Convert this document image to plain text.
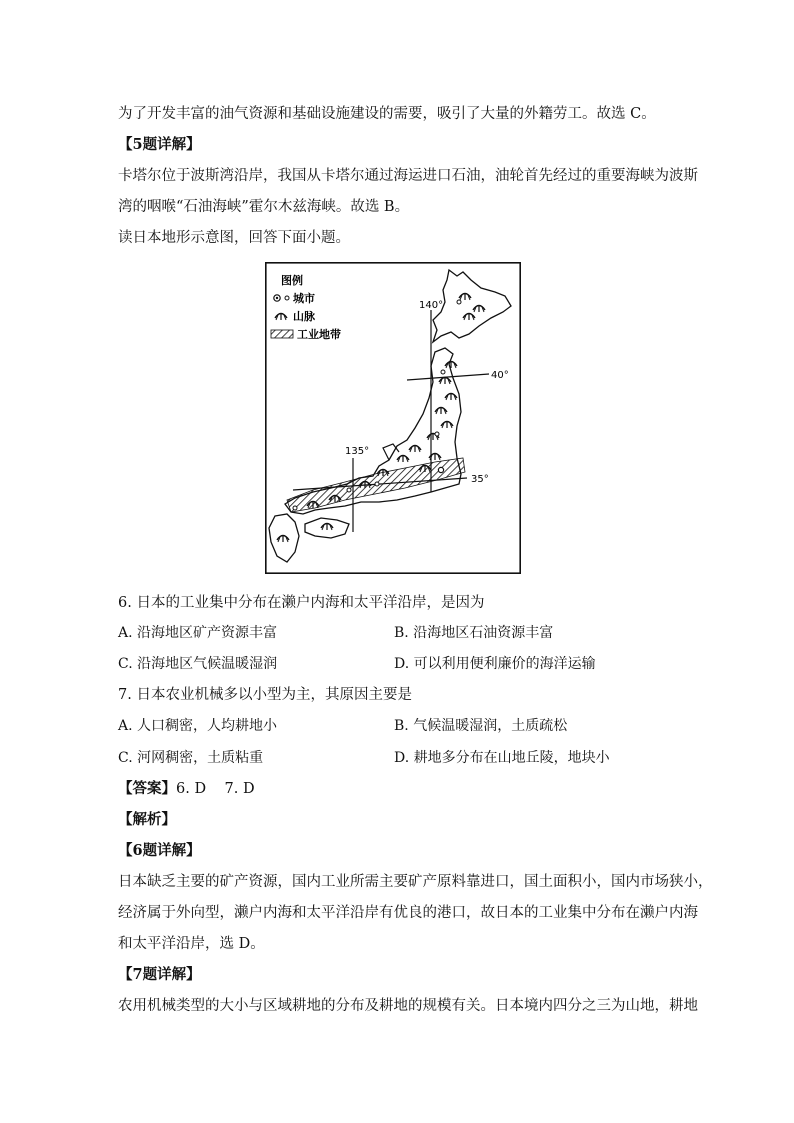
为了开发丰富的油气资源和基础设施建设的需要，吸引了大量的外籍劳工。故选 C。
【5题详解】
卡塔尔位于波斯湾沿岸，我国从卡塔尔通过海运进口石油，油轮首先经过的重要海峡为波斯
湾的咽喉“石油海峡”霍尔木兹海峡。故选 B。
读日本地形示意图，回答下面小题。
图例
城市
山脉
工业地带
140°
40°
135°
35°
6. 日本的工业集中分布在濑户内海和太平洋沿岸，是因为
A. 沿海地区矿产资源丰富	B. 沿海地区石油资源丰富
C. 沿海地区气候温暖湿润	D. 可以利用便利廉价的海洋运输
7. 日本农业机械多以小型为主，其原因主要是
A. 人口稠密，人均耕地小	B. 气候温暖湿润，土质疏松
C. 河网稠密，土质粘重	D. 耕地多分布在山地丘陵，地块小
【答案】6. D    7. D
【解析】
【6题详解】
日本缺乏主要的矿产资源，国内工业所需主要矿产原料靠进口，国土面积小，国内市场狭小，
经济属于外向型，濑户内海和太平洋沿岸有优良的港口，故日本的工业集中分布在濑户内海
和太平洋沿岸，选 D。
【7题详解】
农用机械类型的大小与区域耕地的分布及耕地的规模有关。日本境内四分之三为山地，耕地
